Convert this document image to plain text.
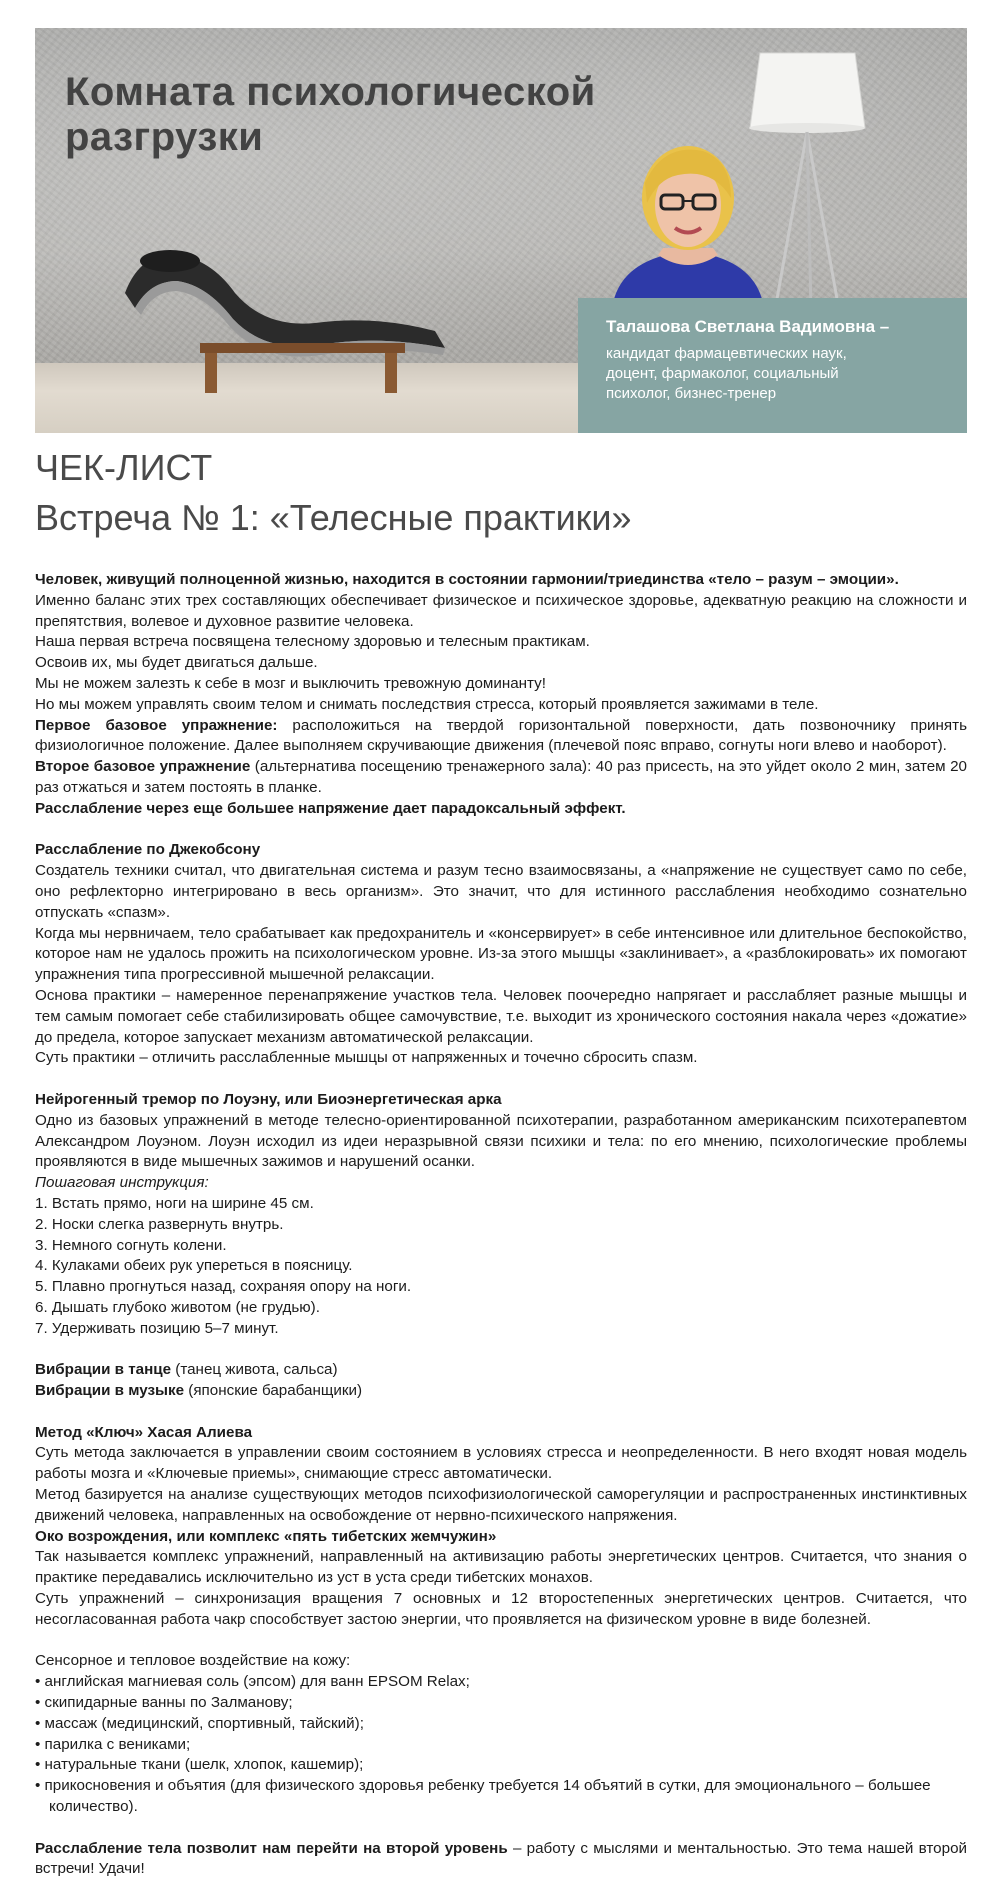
Комната психологической
разгрузки

Талашова Светлана Вадимовна –

кандидат фармацевтических наук,
доцент, фармаколог, социальный
психолог, бизнес-тренер

ЧЕК-ЛИСТ
Встреча № 1: «Телесные практики»

Человек, живущий полноценной жизнью, находится в состоянии гармонии/триединства «тело – разум – эмоции».

Именно баланс этих трех составляющих обеспечивает физическое и психическое здоровье, адекватную реакцию на сложности и препятствия, волевое и духовное развитие человека.

Наша первая встреча посвящена телесному здоровью и телесным практикам.

Освоив их, мы будет двигаться дальше.

Мы не можем залезть к себе в мозг и выключить тревожную доминанту!

Но мы можем управлять своим телом и снимать последствия стресса, который проявляется зажимами в теле.

Первое базовое упражнение: расположиться на твердой горизонтальной поверхности, дать позвоночнику принять физиологичное положение. Далее выполняем скручивающие движения (плечевой пояс вправо, согнуты ноги влево и наоборот).

Второе базовое упражнение (альтернатива посещению тренажерного зала): 40 раз присесть, на это уйдет около 2 мин, затем 20 раз отжаться и затем постоять в планке.

Расслабление через еще большее напряжение дает парадоксальный эффект.

Расслабление по Джекобсону

Создатель техники считал, что двигательная система и разум тесно взаимосвязаны, а «напряжение не существует само по себе, оно рефлекторно интегрировано в весь организм». Это значит, что для истинного расслабления необходимо сознательно отпускать «спазм».

Когда мы нервничаем, тело срабатывает как предохранитель и «консервирует» в себе интенсивное или длительное беспокойство, которое нам не удалось прожить на психологическом уровне. Из-за этого мышцы «заклинивает», а «разблокировать» их помогают упражнения типа прогрессивной мышечной релаксации.

Основа практики – намеренное перенапряжение участков тела. Человек поочередно напрягает и расслабляет разные мышцы и тем самым помогает себе стабилизировать общее самочувствие, т.е. выходит из хронического состояния накала через «дожатие» до предела, которое запускает механизм автоматической релаксации.

Суть практики – отличить расслабленные мышцы от напряженных и точечно сбросить спазм.

Нейрогенный тремор по Лоуэну, или Биоэнергетическая арка

Одно из базовых упражнений в методе телесно-ориентированной психотерапии, разработанном американским психотерапевтом Александром Лоуэном. Лоуэн исходил из идеи неразрывной связи психики и тела: по его мнению, психологические проблемы проявляются в виде мышечных зажимов и нарушений осанки.

Пошаговая инструкция:

1. Встать прямо, ноги на ширине 45 см.

2. Носки слегка развернуть внутрь.

3. Немного согнуть колени.

4. Кулаками обеих рук упереться в поясницу.

5. Плавно прогнуться назад, сохраняя опору на ноги.

6. Дышать глубоко животом (не грудью).

7. Удерживать позицию 5–7 минут.

Вибрации в танце (танец живота, сальса)

Вибрации в музыке (японские барабанщики)

Метод «Ключ» Хасая Алиева

Суть метода заключается в управлении своим состоянием в условиях стресса и неопределенности. В него входят новая модель работы мозга и «Ключевые приемы», снимающие стресс автоматически.

Метод базируется на анализе существующих методов психофизиологической саморегуляции и распространенных инстинктивных движений человека, направленных на освобождение от нервно-психического напряжения.

Око возрождения, или комплекс «пять тибетских жемчужин»

Так называется комплекс упражнений, направленный на активизацию работы энергетических центров. Считается, что знания о практике передавались исключительно из уст в уста среди тибетских монахов.

Суть упражнений – синхронизация вращения 7 основных и 12 второстепенных энергетических центров. Считается, что несогласованная работа чакр способствует застою энергии, что проявляется на физическом уровне в виде болезней.

Сенсорное и тепловое воздействие на кожу:

• английская магниевая соль (эпсом) для ванн EPSOM Relax;

• скипидарные ванны по Залманову;

• массаж (медицинский, спортивный, тайский);

• парилка с вениками;

• натуральные ткани (шелк, хлопок, кашемир);

• прикосновения и объятия (для физического здоровья ребенку требуется 14 объятий в сутки, для эмоционального – большее количество).

Расслабление тела позволит нам перейти на второй уровень – работу с мыслями и ментальностью. Это тема нашей второй встречи! Удачи!
